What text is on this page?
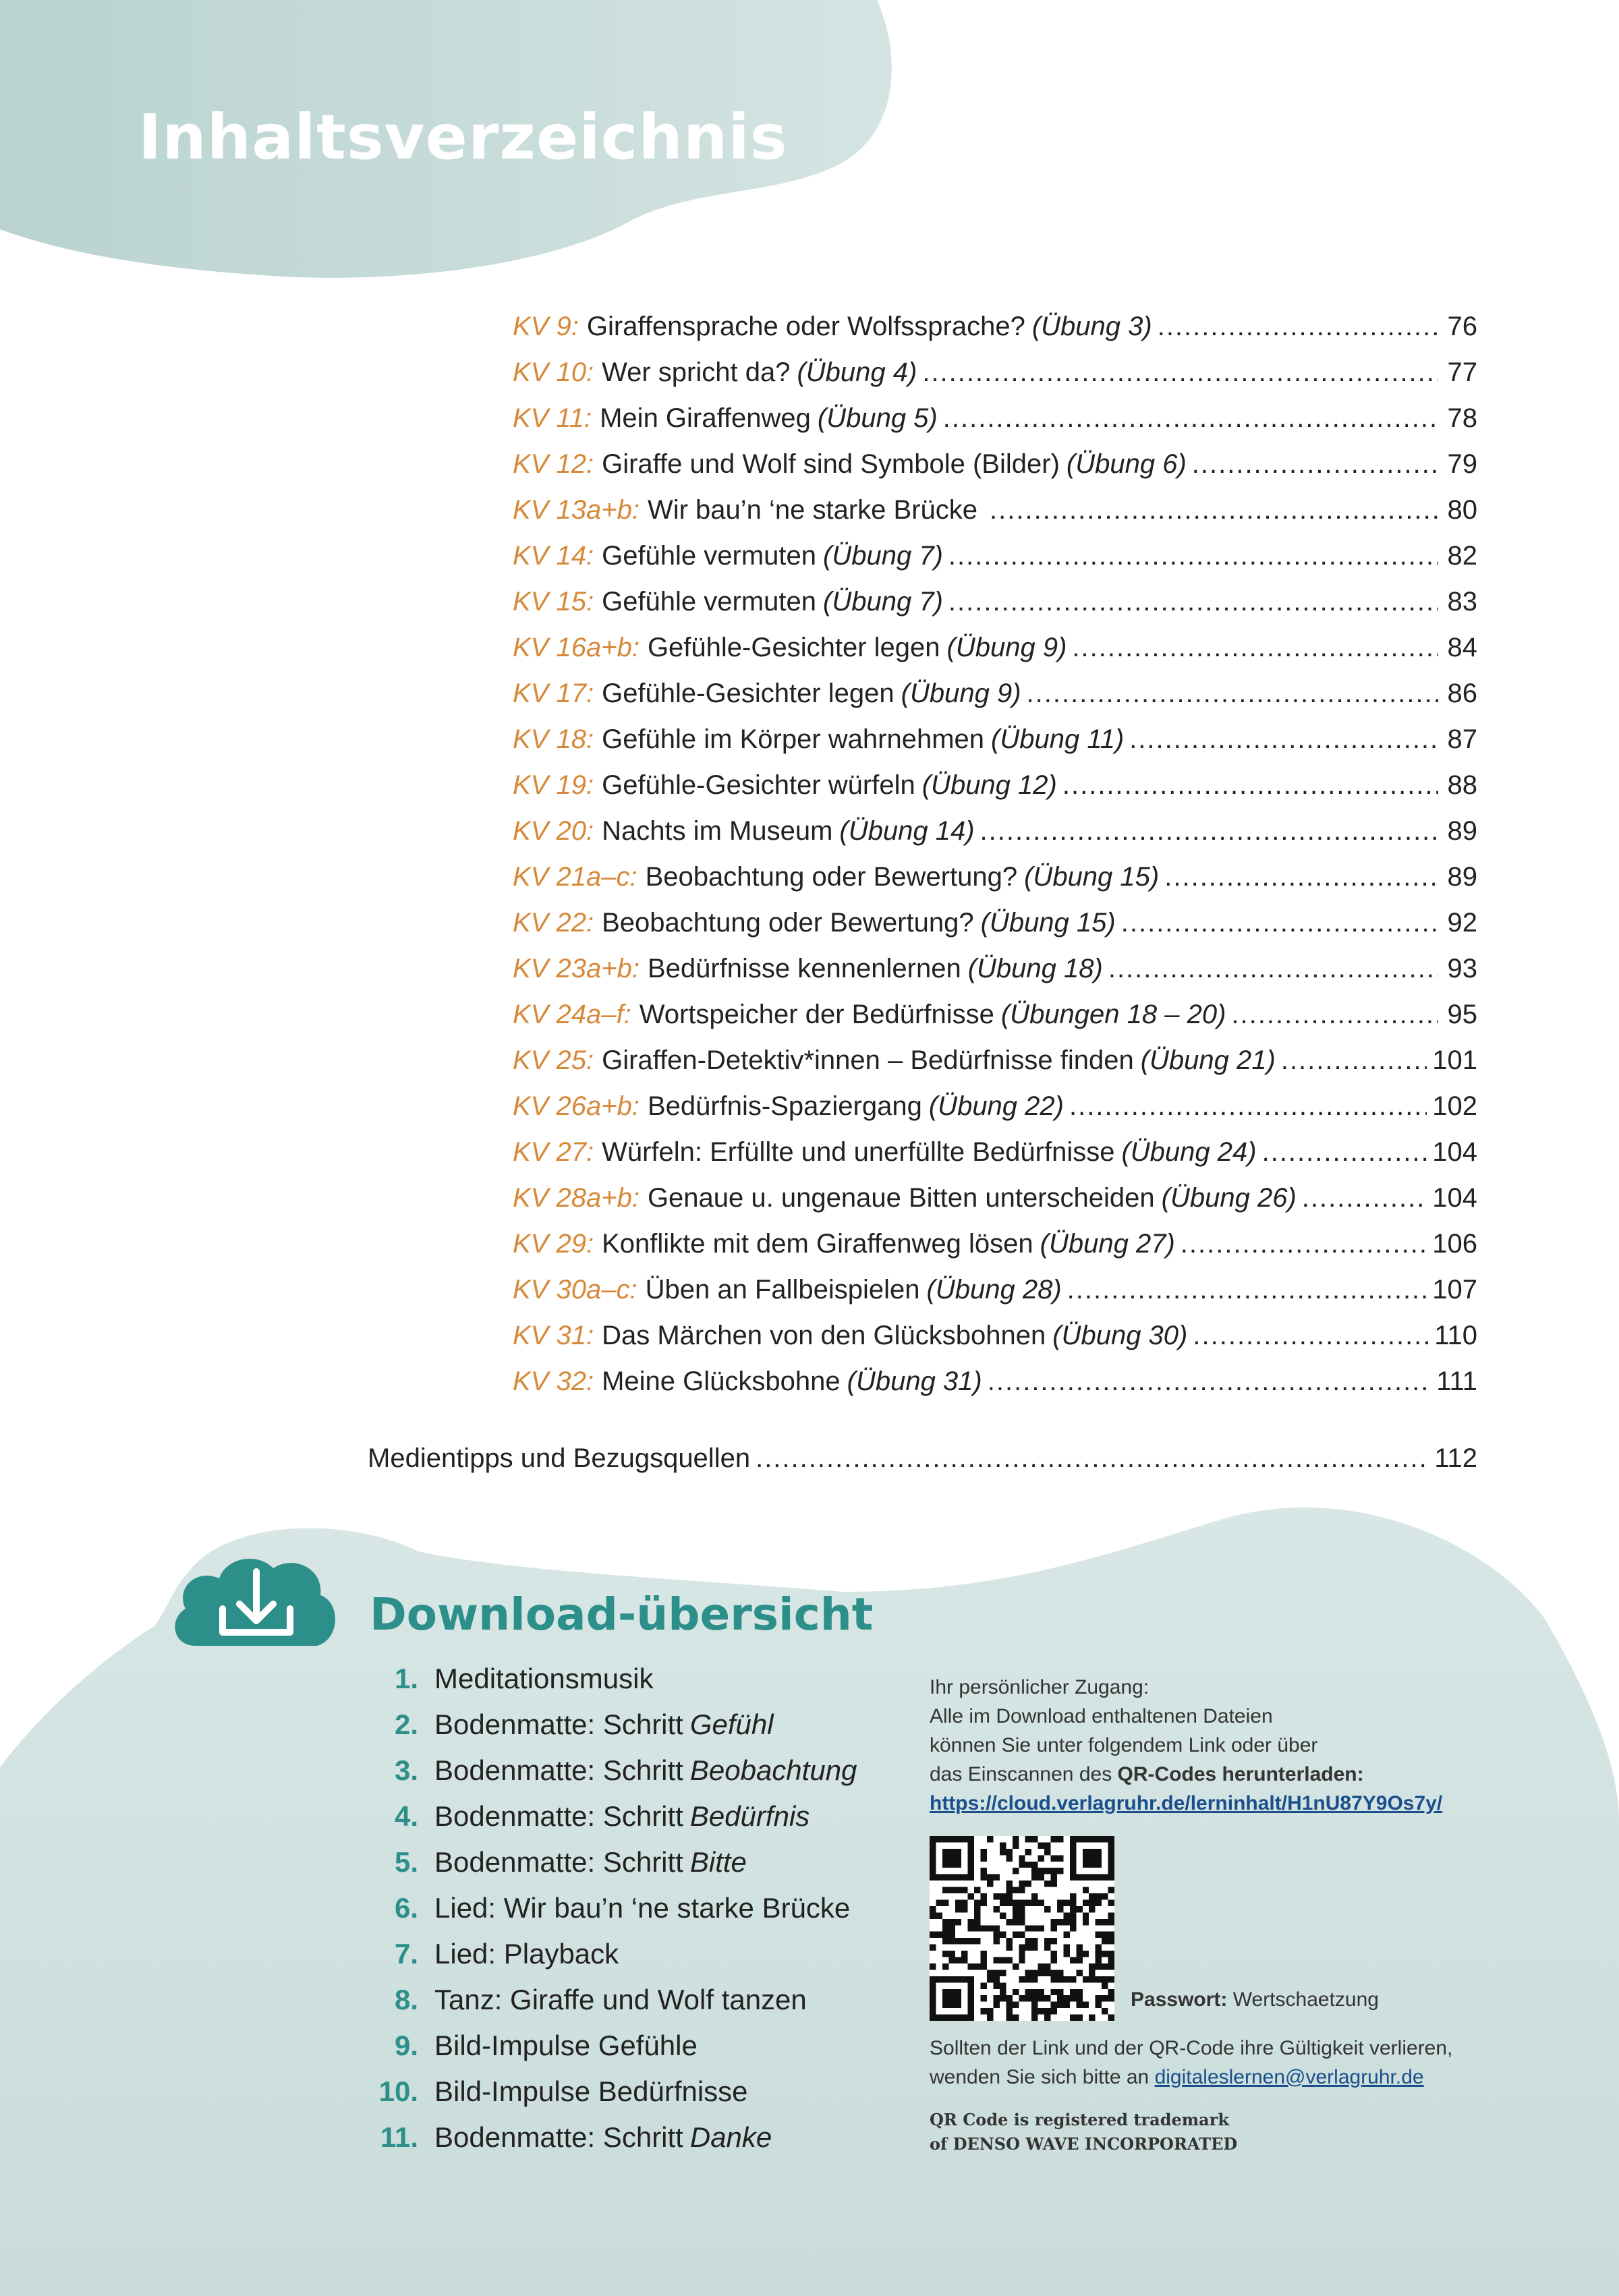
Inhaltsverzeichnis
KV 9: Giraffensprache oder Wolfssprache? (Übung 3) .....	76
KV 10: Wer spricht da? (Übung 4) .....	77
KV 11: Mein Giraffenweg (Übung 5) .....	78
KV 12: Giraffe und Wolf sind Symbole (Bilder) (Übung 6) .....	79
KV 13a+b: Wir bau’n ‘ne starke Brücke .....	80
KV 14: Gefühle vermuten (Übung 7) .....	82
KV 15: Gefühle vermuten (Übung 7) .....	83
KV 16a+b: Gefühle-Gesichter legen (Übung 9) .....	84
KV 17: Gefühle-Gesichter legen (Übung 9) .....	86
KV 18: Gefühle im Körper wahrnehmen (Übung 11) .....	87
KV 19: Gefühle-Gesichter würfeln (Übung 12) .....	88
KV 20: Nachts im Museum (Übung 14) .....	89
KV 21a–c: Beobachtung oder Bewertung? (Übung 15) .....	89
KV 22: Beobachtung oder Bewertung? (Übung 15) .....	92
KV 23a+b: Bedürfnisse kennenlernen (Übung 18) .....	93
KV 24a–f: Wortspeicher der Bedürfnisse (Übungen 18 – 20) .....	95
KV 25: Giraffen-Detektiv*innen – Bedürfnisse finden (Übung 21) .....	101
KV 26a+b: Bedürfnis-Spaziergang (Übung 22) .....	102
KV 27: Würfeln: Erfüllte und unerfüllte Bedürfnisse (Übung 24) .....	104
KV 28a+b: Genaue u. ungenaue Bitten unterscheiden (Übung 26) .....	104
KV 29: Konflikte mit dem Giraffenweg lösen (Übung 27) .....	106
KV 30a–c: Üben an Fallbeispielen (Übung 28) .....	107
KV 31: Das Märchen von den Glücksbohnen (Übung 30) .....	110
KV 32: Meine Glücksbohne (Übung 31) .....	111
Medientipps und Bezugsquellen .....	112
Download-übersicht
1. Meditationsmusik
2. Bodenmatte: Schritt Gefühl
3. Bodenmatte: Schritt Beobachtung
4. Bodenmatte: Schritt Bedürfnis
5. Bodenmatte: Schritt Bitte
6. Lied: Wir bau’n ‘ne starke Brücke
7. Lied: Playback
8. Tanz: Giraffe und Wolf tanzen
9. Bild-Impulse Gefühle
10. Bild-Impulse Bedürfnisse
11. Bodenmatte: Schritt Danke
Ihr persönlicher Zugang:
Alle im Download enthaltenen Dateien
können Sie unter folgendem Link oder über
das Einscannen des QR-Codes herunterladen:
https://cloud.verlagruhr.de/lerninhalt/H1nU87Y9Os7y/
Passwort: Wertschaetzung
Sollten der Link und der QR-Code ihre Gültigkeit verlieren,
wenden Sie sich bitte an digitaleslernen@verlagruhr.de
QR Code is registered trademark
of DENSO WAVE INCORPORATED
